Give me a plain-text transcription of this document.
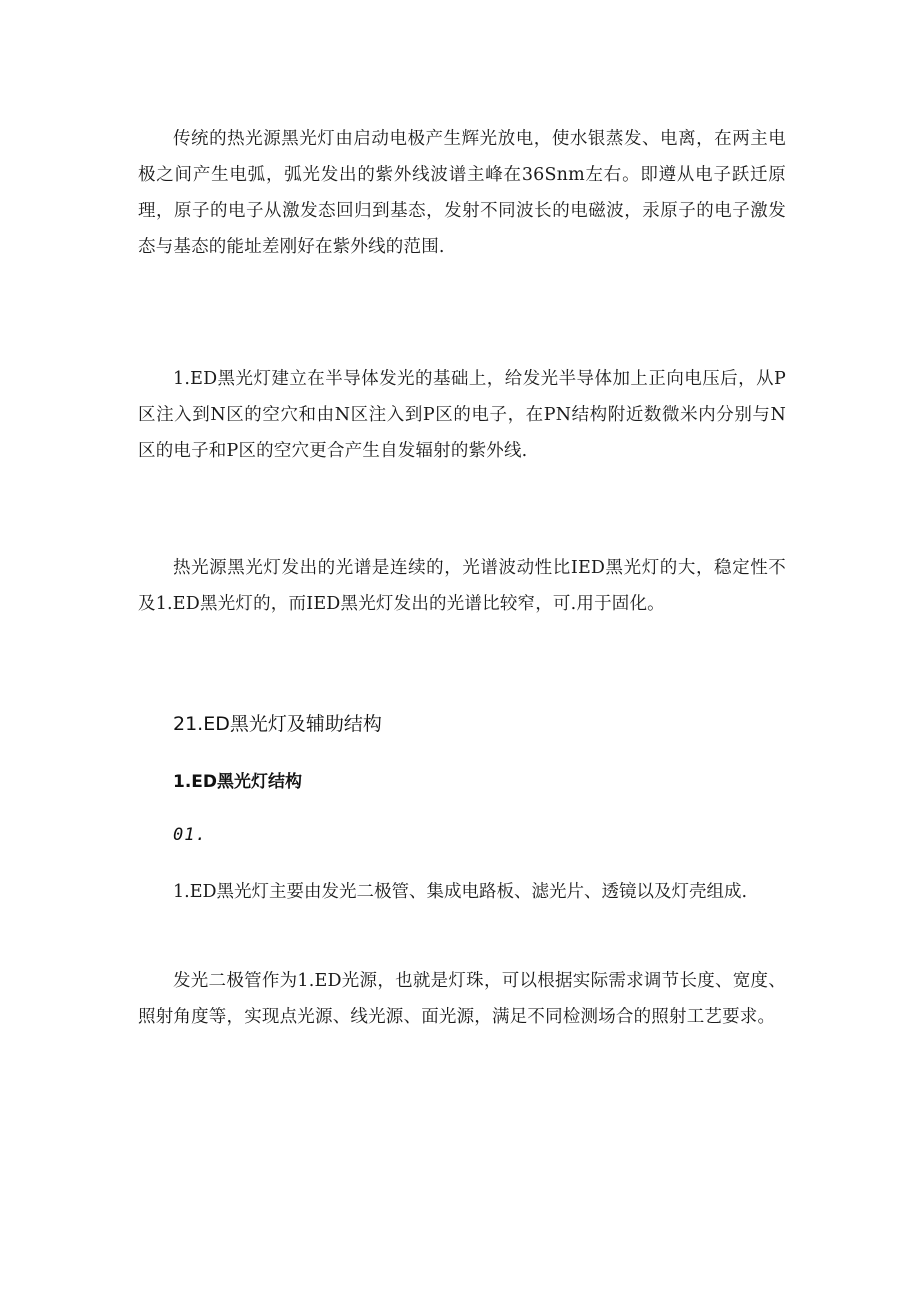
传统的热光源黑光灯由启动电极产生辉光放电，使水银蒸发、电离，在两主电极之间产生电弧，弧光发出的紫外线波谱主峰在36Snm左右。即遵从电子跃迁原理，原子的电子从激发态回归到基态，发射不同波长的电磁波，汞原子的电子激发态与基态的能址差刚好在紫外线的范围.

1.ED黑光灯建立在半导体发光的基础上，给发光半导体加上正向电压后，从P区注入到N区的空穴和由N区注入到P区的电子，在PN结构附近数微米内分别与N区的电子和P区的空穴更合产生自发辐射的紫外线.

热光源黑光灯发出的光谱是连续的，光谱波动性比IED黑光灯的大，稳定性不及1.ED黑光灯的，而IED黑光灯发出的光谱比较窄，可.用于固化。

21.ED黑光灯及辅助结构
1.ED黑光灯结构

01.

1.ED黑光灯主要由发光二极管、集成电路板、滤光片、透镜以及灯壳组成.

发光二极管作为1.ED光源，也就是灯珠，可以根据实际需求调节长度、宽度、照射角度等，实现点光源、线光源、面光源，满足不同检测场合的照射工艺要求。
